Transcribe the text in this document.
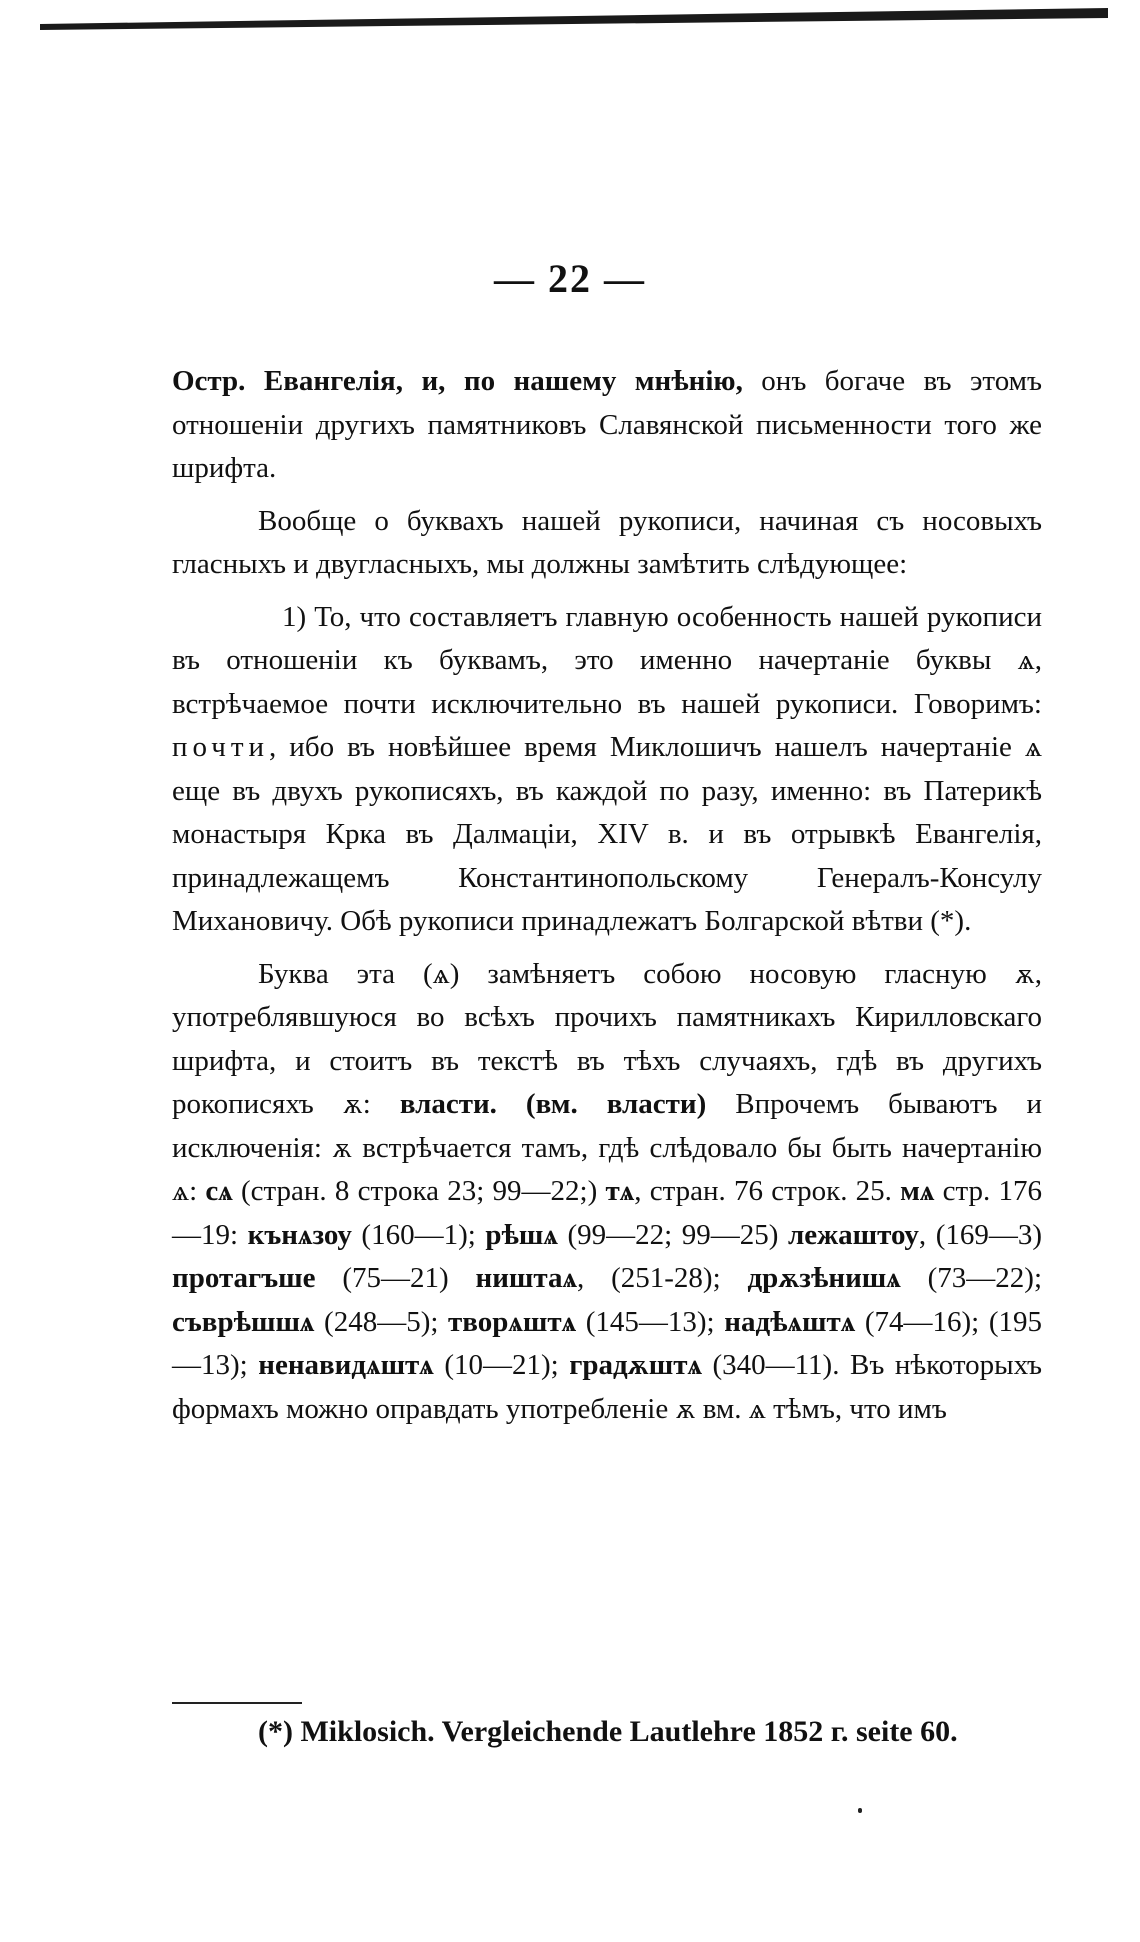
— 22 —

Остр. Евангелія, и, по нашему мнѣнію, онъ богаче въ этомъ отношеніи другихъ памятниковъ Славянской письменности того же шрифта.

Вообще о буквахъ нашей рукописи, начиная съ носовыхъ гласныхъ и двугласныхъ, мы должны замѣтить слѣдующее:

1) То, что составляетъ главную особенность нашей рукописи въ отношеніи къ буквамъ, это именно начертаніе буквы ѧ, встрѣчаемое почти исключительно въ нашей рукописи. Говоримъ: почти, ибо въ новѣйшее время Миклошичъ нашелъ начертаніе ѧ еще въ двухъ рукописяхъ, въ каждой по разу, именно: въ Патерикѣ монастыря Крка въ Далмаціи, XIV в. и въ отрывкѣ Евангелія, принадлежащемъ Константинопольскому Генералъ-Консулу Михановичу. Обѣ рукописи принадлежатъ Болгарской вѣтви (*).

Буква эта (ѧ) замѣняетъ собою носовую гласную ѫ, употреблявшуюся во всѣхъ прочихъ памятникахъ Кирилловскаго шрифта, и стоитъ въ текстѣ въ тѣхъ случаяхъ, гдѣ въ другихъ рокописяхъ ѫ: власти. (вм. власти) Впрочемъ бываютъ и исключенія: ѫ встрѣчается тамъ, гдѣ слѣдовало бы быть начертанію ѧ: сѧ (стран. 8 строка 23; 99—22;) тѧ, стран. 76 строк. 25. мѧ стр. 176—19: кънѧзоу (160—1); рѣшѧ (99—22; 99—25) лежаштоу, (169—3) протагъше (75—21) ништаѧ, (251-28); дрѫзѣнишѧ (73—22); съврѣшшѧ (248—5); творѧштѧ (145—13); надѣѧштѧ (74—16); (195—13); ненавидѧштѧ (10—21); градѫштѧ (340—11). Въ нѣкоторыхъ формахъ можно оправдать употребленіе ѫ вм. ѧ тѣмъ, что имъ

(*) Miklosich. Vergleichende Lautlehre 1852 г. seite 60.
